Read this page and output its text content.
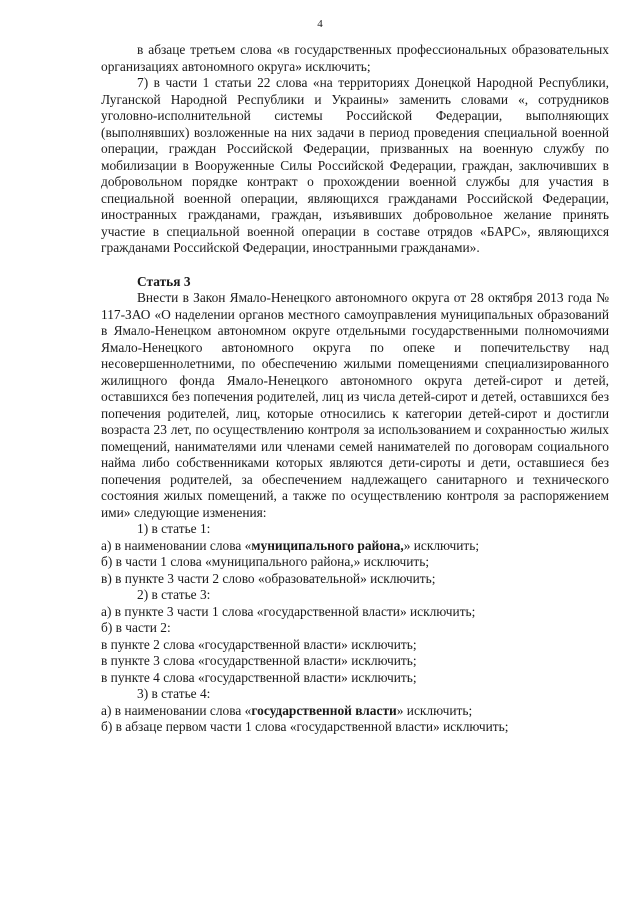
4

в абзаце третьем слова «в государственных профессиональных образовательных организациях автономного округа» исключить;

7) в части 1 статьи 22 слова «на территориях Донецкой Народной Республики, Луганской Народной Республики и Украины» заменить словами «, сотрудников уголовно-исполнительной системы Российской Федерации, выполняющих (выполнявших) возложенные на них задачи в период проведения специальной военной операции, граждан Российской Федерации, призванных на военную службу по мобилизации в Вооруженные Силы Российской Федерации, граждан, заключивших в добровольном порядке контракт о прохождении военной службы для участия в специальной военной операции, являющихся гражданами Российской Федерации, иностранных гражданами, граждан, изъявивших добровольное желание принять участие в специальной военной операции в составе отрядов «БАРС», являющихся гражданами Российской Федерации, иностранными гражданами».

Статья 3

Внести в Закон Ямало-Ненецкого автономного округа от 28 октября 2013 года № 117-ЗАО «О наделении органов местного самоуправления муниципальных образований в Ямало-Ненецком автономном округе отдельными государственными полномочиями Ямало-Ненецкого автономного округа по опеке и попечительству над несовершеннолетними, по обеспечению жилыми помещениями специализированного жилищного фонда Ямало-Ненецкого автономного округа детей-сирот и детей, оставшихся без попечения родителей, лиц из числа детей-сирот и детей, оставшихся без попечения родителей, лиц, которые относились к категории детей-сирот и достигли возраста 23 лет, по осуществлению контроля за использованием и сохранностью жилых помещений, нанимателями или членами семей нанимателей по договорам социального найма либо собственниками которых являются дети-сироты и дети, оставшиеся без попечения родителей, за обеспечением надлежащего санитарного и технического состояния жилых помещений, а также по осуществлению контроля за распоряжением ими» следующие изменения:

1) в статье 1:

а) в наименовании слова «муниципального района,» исключить;

б) в части 1 слова «муниципального района,» исключить;

в) в пункте 3 части 2 слово «образовательной» исключить;

2) в статье 3:

а) в пункте 3 части 1 слова «государственной власти» исключить;

б) в части 2:

в пункте 2 слова «государственной власти» исключить;

в пункте 3 слова «государственной власти» исключить;

в пункте 4 слова «государственной власти» исключить;

3) в статье 4:

а) в наименовании слова «государственной власти» исключить;

б) в абзаце первом части 1 слова «государственной власти» исключить;
